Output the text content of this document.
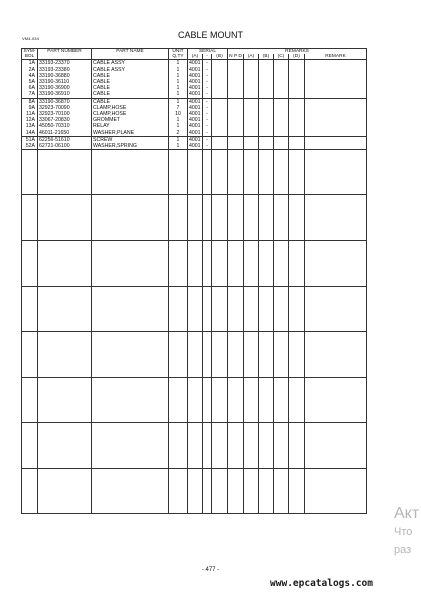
VM4-034	CABLE MOUNT
SYM-
BOL	PART NUMBER	PART NAME	UNIT
Q,TY	SERIAL			REMARKS					
				(A)	-	(B)	N P D	(A)	(B)	(C)	(D)	REMARK
1A	33193-23370	CABLE ASSY	1	4001	-							
2A	33193-23380	CABLE ASSY	1	4001	-							
4A	33190-36880	CABLE	1	4001	-							
5A	33190-36110	CABLE	1	4001	-							
6A	33190-36900	CABLE	1	4001	-							
7A	33190-36910	CABLE	1	4001	-							
8A	33190-36870	CABLE	1	4001	-							
9A	32923-70090	CLAMP,HOSE	7	4001	-							
11A	32923-70100	CLAMP,HOSE	10	4001	-							
12A	33067-20830	GROMMET	1	4001	-							
13A	45050-70310	RELAY	1	4001	-							
14A	46011-21650	WASHER,PLANE	2	4001	-							
51A	62256-51610	SCREW	1	4001	-							
52A	62721-06100	WASHER,SPRING	1	4001	-							

- 477 -
www.epcatalogs.com
Акт
Что
раз
